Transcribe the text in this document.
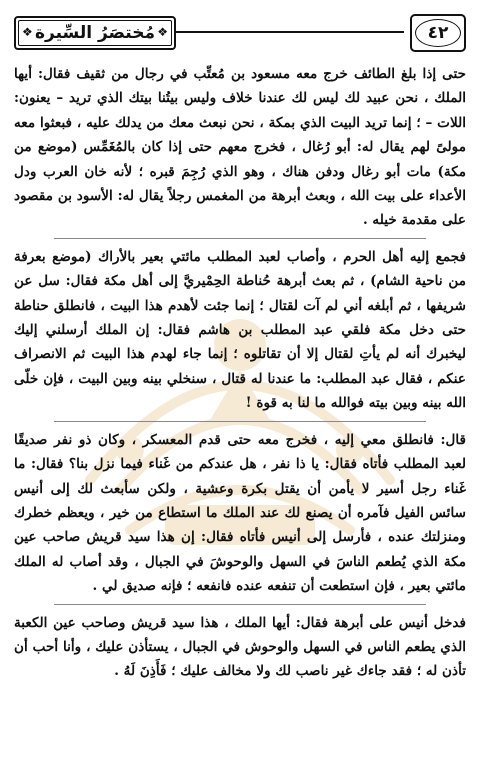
❖ مُختصَرُ السِّيرة ❖	٤٢

حتى إذا بلغ الطائف خرج معه مسعود بن مُعتِّب في رجال من ثقيف فقال: أيها الملك ، نحن عبيد لك ليس لك عندنا خلاف وليس بيتُنا بيتك الذي تريد – يعنون: اللات – ؛ إنما تريد البيت الذي بمكة ، نحن نبعث معك من يدلك عليه ، فبعثوا معه مولىً لهم يقال له: أبو رُغال ، فخرج معهم حتى إذا كان بالمُغَمِّس (موضع من مكة) مات أبو رغال ودفن هناك ، وهو الذي رُجِمَ قبره ؛ لأنه خان العرب ودل الأعداء على بيت الله ، وبعث أبرهة من المغمس رجلاً يقال له: الأسود بن مقصود على مقدمة خيله .

فجمع إليه أهل الحرم ، وأصاب لعبد المطلب مائتي بعير بالأراك (موضع بعرفة من ناحية الشام) ، ثم بعث أبرهة حُناطة الحِمْيريَّ إلى أهل مكة فقال: سل عن شريفها ، ثم أبلغه أني لم آت لقتال ؛ إنما جئت لأهدم هذا البيت ، فانطلق حناطة حتى دخل مكة فلقي عبد المطلب بن هاشم فقال: إن الملك أرسلني إليك ليخبرك أنه لم يأتِ لقتال إلا أن تقاتلوه ؛ إنما جاء لهدم هذا البيت ثم الانصراف عنكم ، فقال عبد المطلب: ما عندنا له قتال ، سنخلي بينه وبين البيت ، فإن خلّى الله بينه وبين بيته فوالله ما لنا به قوة !

قال: فانطلق معي إليه ، فخرج معه حتى قدم المعسكر ، وكان ذو نفر صديقًا لعبد المطلب فأتاه فقال: يا ذا نفر ، هل عندكم من غَناء فيما نزل بنا؟ فقال: ما غَناء رجل أسير لا يأمن أن يقتل بكرة وعشية ، ولكن سأبعث لك إلى أنيس سائس الفيل فآمره أن يصنع لك عند الملك ما استطاع من خير ، ويعظم خطرك ومنزلتك عنده ، فأرسل إلى أنيس فأتاه فقال: إن هذا سيد قريش صاحب عين مكة الذي يُطعم الناسَ في السهل والوحوشَ في الجبال ، وقد أصاب له الملك مائتي بعير ، فإن استطعت أن تنفعه عنده فانفعه ؛ فإنه صديق لي .

فدخل أنيس على أبرهة فقال: أيها الملك ، هذا سيد قريش وصاحب عين الكعبة الذي يطعم الناس في السهل والوحوش في الجبال ، يستأذن عليك ، وأنا أحب أن تأذن له ؛ فقد جاءك غير ناصب لك ولا مخالف عليك ؛ فَأَذِنَ لَهُ .
